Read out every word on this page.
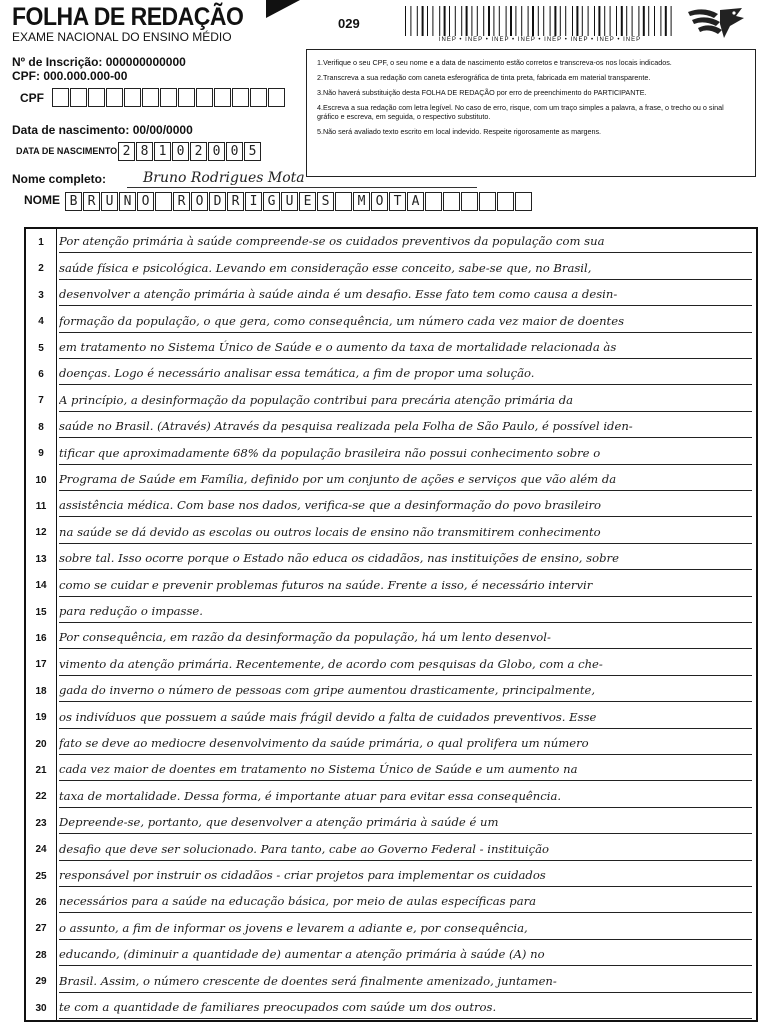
FOLHA DE REDAÇÃO
EXAME NACIONAL DO ENSINO MÉDIO
029
INEP • INEP • INEP • INEP • INEP • INEP • INEP • INEP
Nº de Inscrição: 000000000000
CPF: 000.000.000-00
CPF
Data de nascimento: 00/00/0000
DATA DE NASCIMENTO 2 8 1 0 2 0 0 5
Nome completo:	Bruno Rodrigues Mota
NOME B R U N O	R O D R I G U E S	M O T A
1.Verifique o seu CPF, o seu nome e a data de nascimento estão corretos e transcreva-os nos locais indicados.
2.Transcreva a sua redação com caneta esferográfica de tinta preta, fabricada em material transparente.
3.Não haverá substituição desta FOLHA DE REDAÇÃO por erro de preenchimento do PARTICIPANTE.
4.Escreva a sua redação com letra legível. No caso de erro, risque, com um traço simples a palavra, a frase, o trecho ou o sinal gráfico e escreva, em seguida, o respectivo substituto.
5.Não será avaliado texto escrito em local indevido. Respeite rigorosamente as margens.
1	Por atenção primária à saúde compreende-se os cuidados preventivos da população com sua
2	saúde física e psicológica. Levando em consideração esse conceito, sabe-se que, no Brasil,
3	desenvolver a atenção primária à saúde ainda é um desafio. Esse fato tem como causa a desin-
4	formação da população, o que gera, como consequência, um número cada vez maior de doentes
5	em tratamento no Sistema Único de Saúde e o aumento da taxa de mortalidade relacionada às
6	doenças. Logo é necessário analisar essa temática, a fim de propor uma solução.
7	A princípio, a desinformação da população contribui para precária atenção primária da
8	saúde no Brasil. (Através) Através da pesquisa realizada pela Folha de São Paulo, é possível iden-
9	tificar que aproximadamente 68% da população brasileira não possui conhecimento sobre o
10	Programa de Saúde em Família, definido por um conjunto de ações e serviços que vão além da
11	assistência médica. Com base nos dados, verifica-se que a desinformação do povo brasileiro
12	na saúde se dá devido as escolas ou outros locais de ensino não transmitirem conhecimento
13	sobre tal. Isso ocorre porque o Estado não educa os cidadãos, nas instituições de ensino, sobre
14	como se cuidar e prevenir problemas futuros na saúde. Frente a isso, é necessário intervir
15	para redução o impasse.
16	Por consequência, em razão da desinformação da população, há um lento desenvol-
17	vimento da atenção primária. Recentemente, de acordo com pesquisas da Globo, com a che-
18	gada do inverno o número de pessoas com gripe aumentou drasticamente, principalmente,
19	os indivíduos que possuem a saúde mais frágil devido a falta de cuidados preventivos. Esse
20	fato se deve ao mediocre desenvolvimento da saúde primária, o qual prolifera um número
21	cada vez maior de doentes em tratamento no Sistema Único de Saúde e um aumento na
22	taxa de mortalidade. Dessa forma, é importante atuar para evitar essa consequência.
23	Depreende-se, portanto, que desenvolver a atenção primária à saúde é um
24	desafio que deve ser solucionado. Para tanto, cabe ao Governo Federal - instituição
25	responsável por instruir os cidadãos - criar projetos para implementar os cuidados
26	necessários para a saúde na educação básica, por meio de aulas específicas para
27	o assunto, a fim de informar os jovens e levarem a adiante e, por consequência,
28	educando, (diminuir a quantidade de) aumentar a atenção primária à saúde (A) no
29	Brasil. Assim, o número crescente de doentes será finalmente amenizado, juntamen-
30	te com a quantidade de familiares preocupados com saúde um dos outros.
